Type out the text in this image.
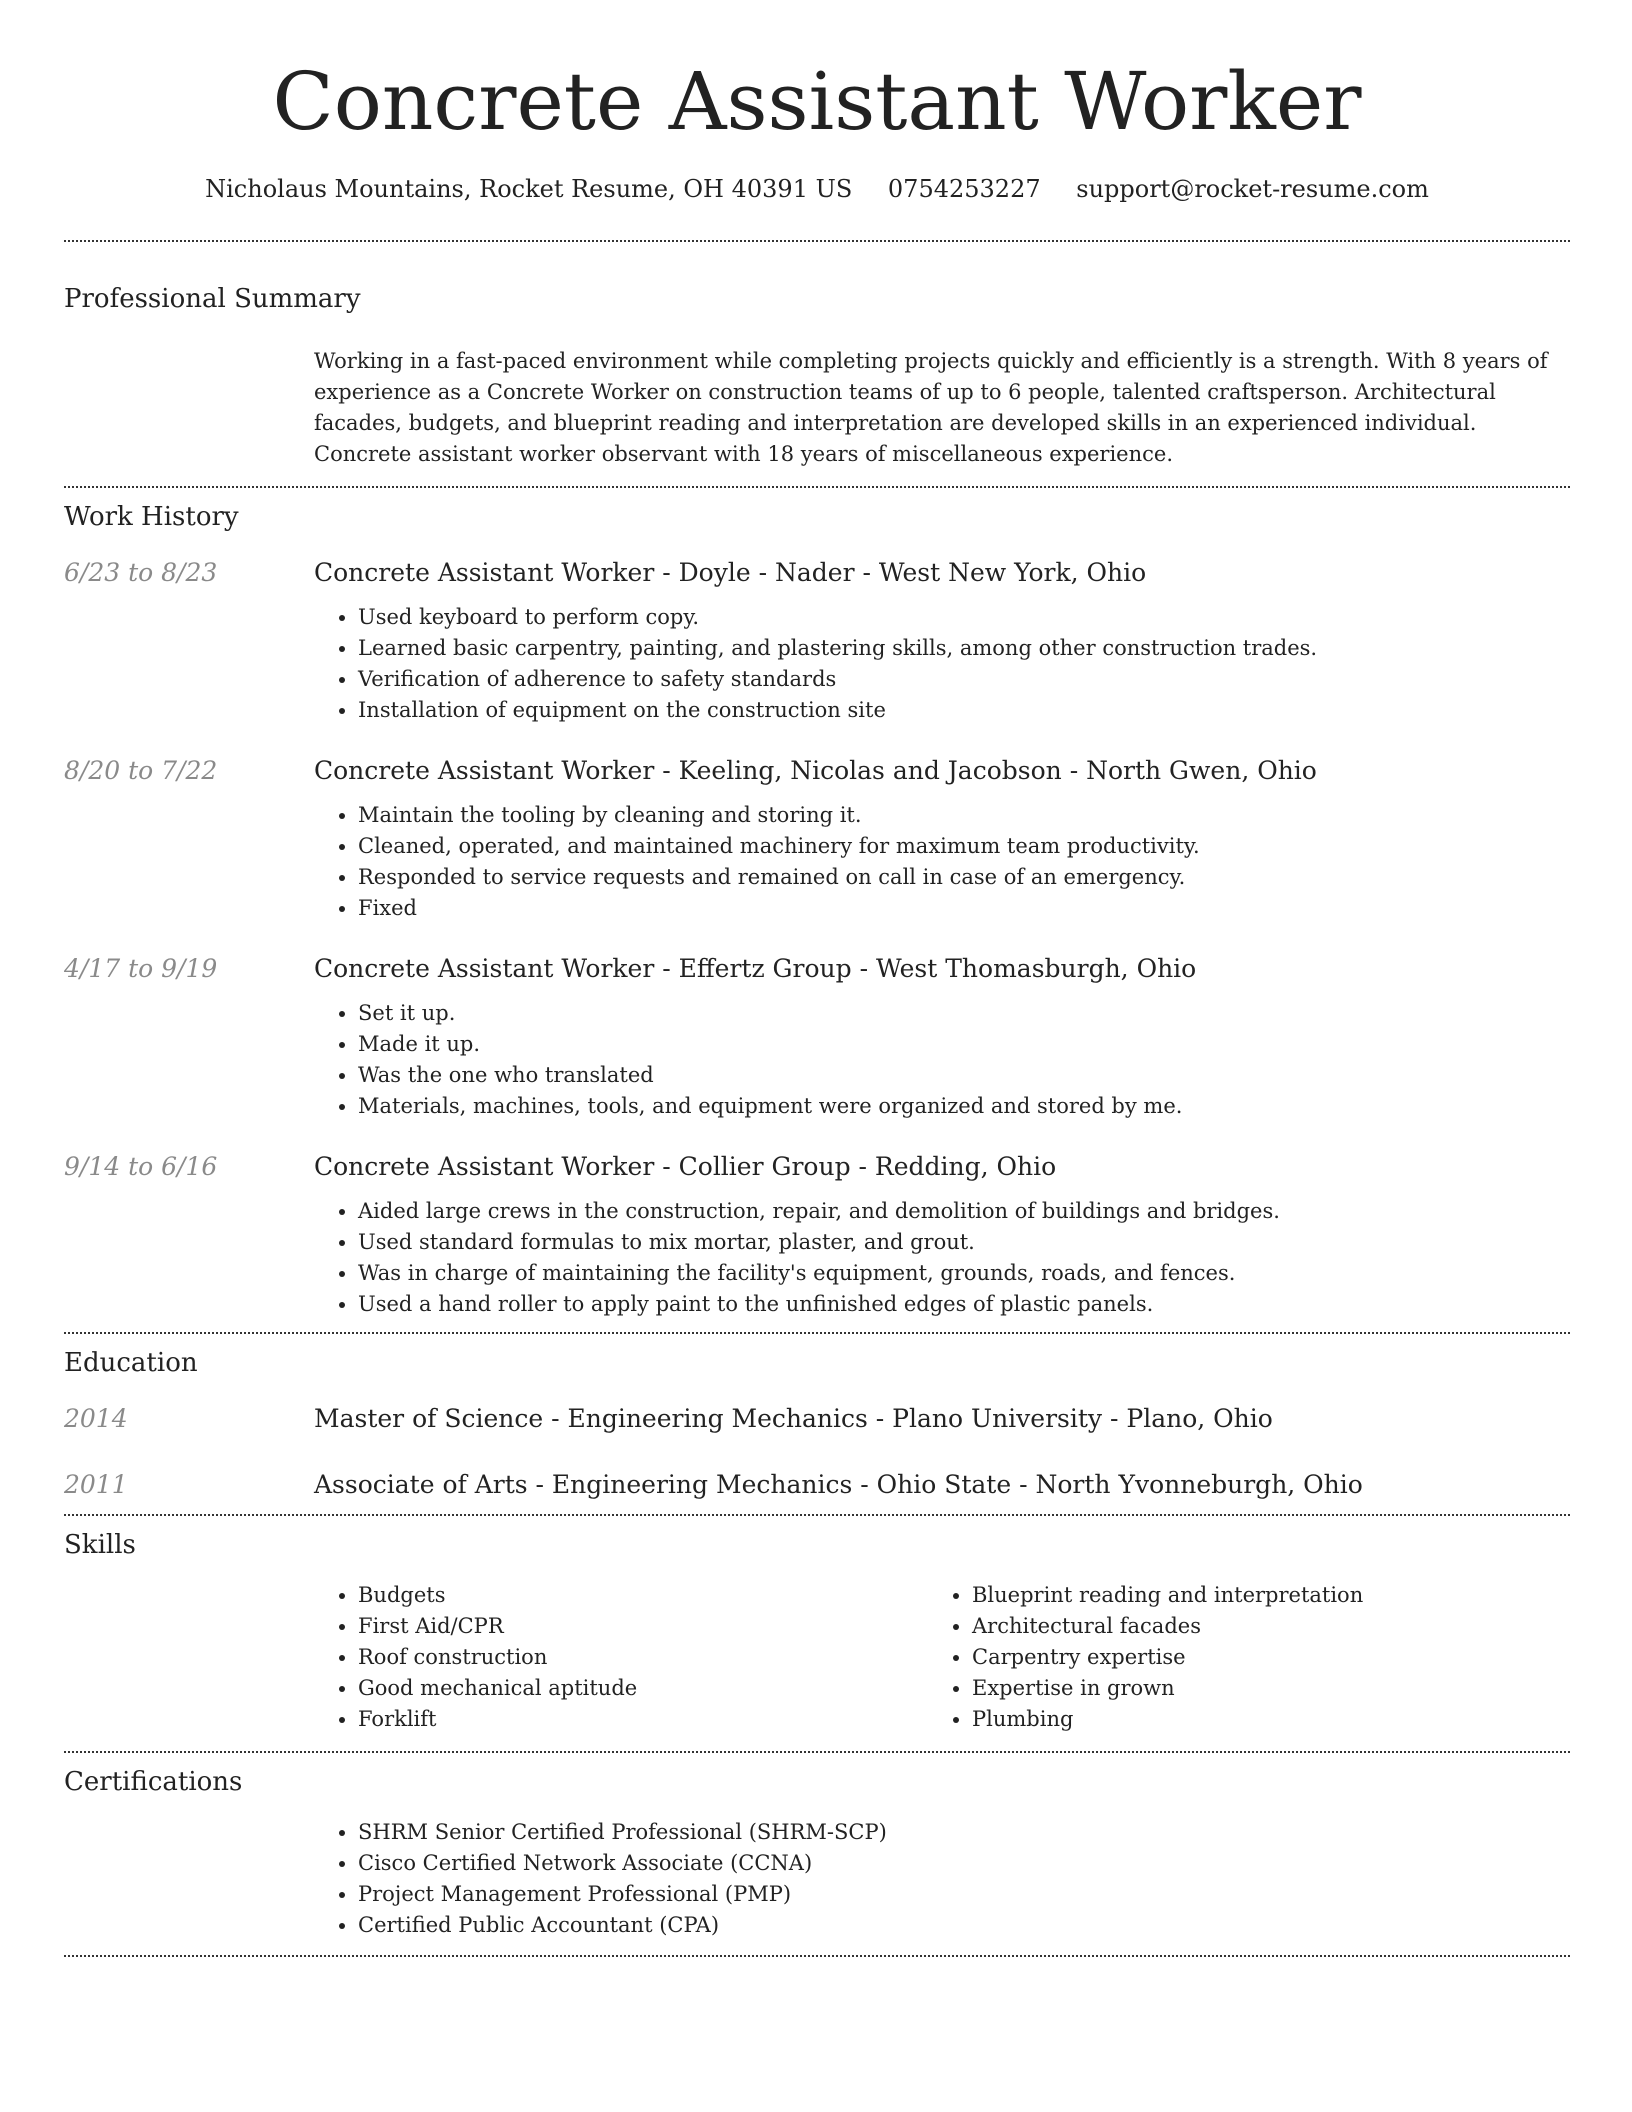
Concrete Assistant Worker
Nicholaus Mountains, Rocket Resume, OH 40391 US 0754253227 support@rocket-resume.com
Professional Summary

Working in a fast-paced environment while completing projects quickly and efficiently is a strength. With 8 years of experience as a Concrete Worker on construction teams of up to 6 people, talented craftsperson. Architectural facades, budgets, and blueprint reading and interpretation are developed skills in an experienced individual. Concrete assistant worker observant with 18 years of miscellaneous experience.

Work History
6/23 to 8/23	Concrete Assistant Worker - Doyle - Nader - West New York, Ohio
• Used keyboard to perform copy.
• Learned basic carpentry, painting, and plastering skills, among other construction trades.
• Verification of adherence to safety standards
• Installation of equipment on the construction site
8/20 to 7/22	Concrete Assistant Worker - Keeling, Nicolas and Jacobson - North Gwen, Ohio
• Maintain the tooling by cleaning and storing it.
• Cleaned, operated, and maintained machinery for maximum team productivity.
• Responded to service requests and remained on call in case of an emergency.
• Fixed
4/17 to 9/19	Concrete Assistant Worker - Effertz Group - West Thomasburgh, Ohio
• Set it up.
• Made it up.
• Was the one who translated
• Materials, machines, tools, and equipment were organized and stored by me.
9/14 to 6/16	Concrete Assistant Worker - Collier Group - Redding, Ohio
• Aided large crews in the construction, repair, and demolition of buildings and bridges.
• Used standard formulas to mix mortar, plaster, and grout.
• Was in charge of maintaining the facility's equipment, grounds, roads, and fences.
• Used a hand roller to apply paint to the unfinished edges of plastic panels.
Education
2014	Master of Science - Engineering Mechanics - Plano University - Plano, Ohio
2011	Associate of Arts - Engineering Mechanics - Ohio State - North Yvonneburgh, Ohio
Skills
• Budgets
• First Aid/CPR
• Roof construction
• Good mechanical aptitude
• Forklift
• Blueprint reading and interpretation
• Architectural facades
• Carpentry expertise
• Expertise in grown
• Plumbing
Certifications
• SHRM Senior Certified Professional (SHRM-SCP)
• Cisco Certified Network Associate (CCNA)
• Project Management Professional (PMP)
• Certified Public Accountant (CPA)
